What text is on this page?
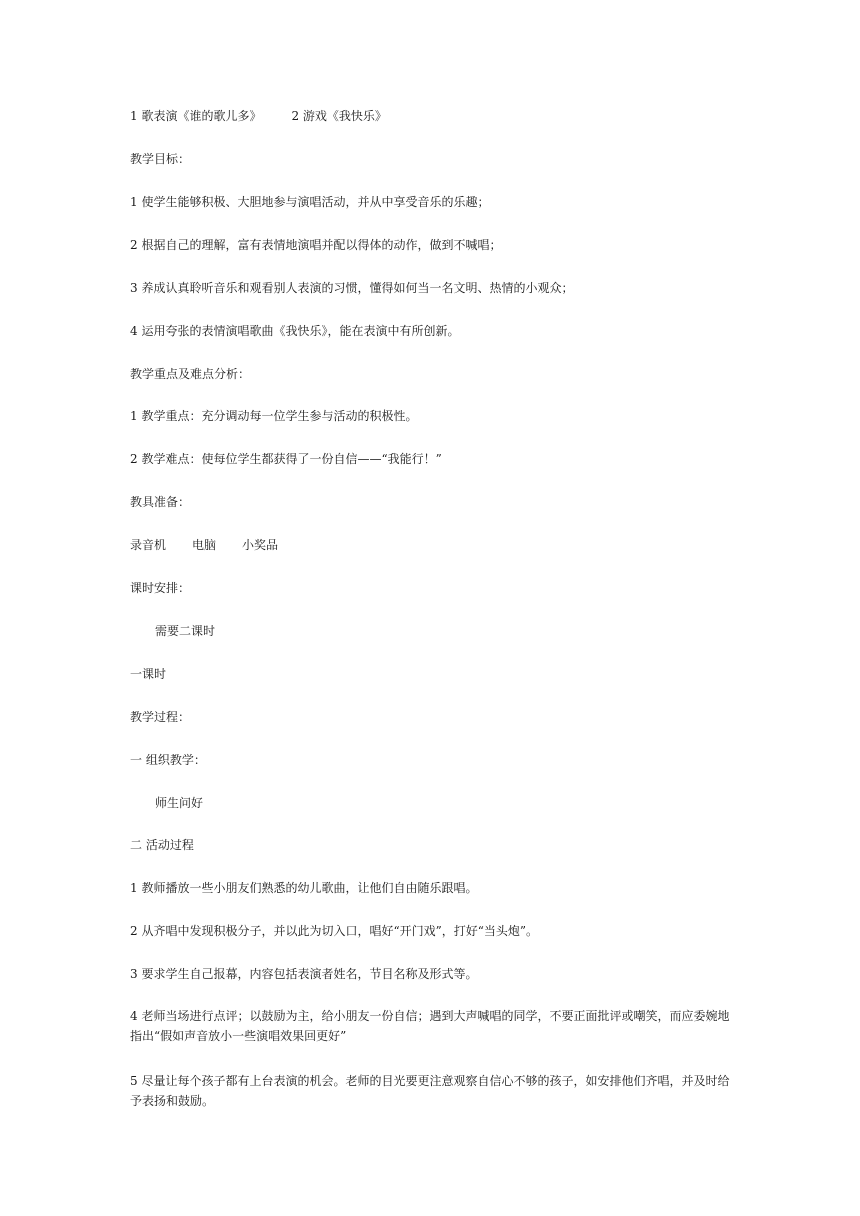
1 歌表演《谁的歌儿多》	2 游戏《我快乐》
教学目标：
1 使学生能够积极、大胆地参与演唱活动，并从中享受音乐的乐趣；
2 根据自己的理解，富有表情地演唱并配以得体的动作，做到不喊唱；
3 养成认真聆听音乐和观看别人表演的习惯，懂得如何当一名文明、热情的小观众；
4 运用夸张的表情演唱歌曲《我快乐》，能在表演中有所创新。
教学重点及难点分析：
1 教学重点：充分调动每一位学生参与活动的积极性。
2 教学难点：使每位学生都获得了一份自信——“我能行！”
教具准备：
录音机 电脑 小奖品
课时安排：
需要二课时
一课时
教学过程：
一 组织教学：
师生问好
二 活动过程
1 教师播放一些小朋友们熟悉的幼儿歌曲，让他们自由随乐跟唱。
2 从齐唱中发现积极分子，并以此为切入口，唱好“开门戏”，打好“当头炮”。
3 要求学生自己报幕，内容包括表演者姓名，节目名称及形式等。
4 老师当场进行点评；以鼓励为主，给小朋友一份自信；遇到大声喊唱的同学，不要正面批评或嘲笑，而应委婉地指出“假如声音放小一些演唱效果回更好”
5 尽量让每个孩子都有上台表演的机会。老师的目光要更注意观察自信心不够的孩子，如安排他们齐唱，并及时给予表扬和鼓励。
